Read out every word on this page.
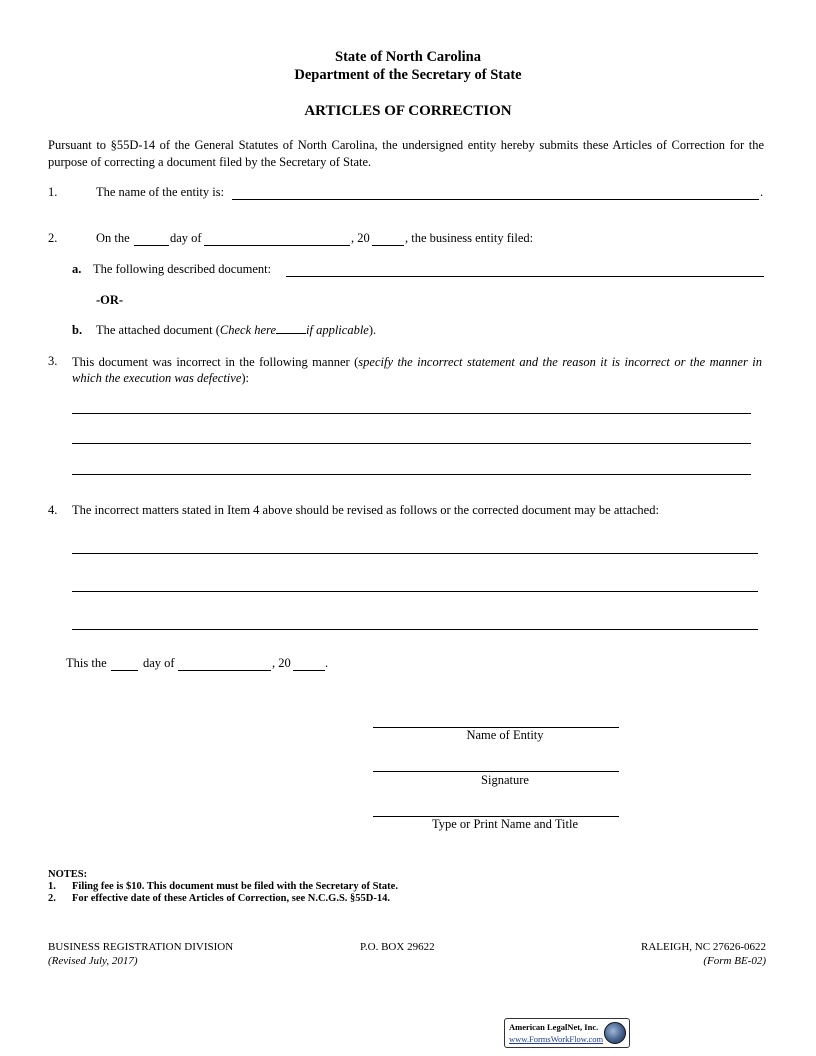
State of North Carolina
Department of the Secretary of State
ARTICLES OF CORRECTION
Pursuant to §55D-14 of the General Statutes of North Carolina, the undersigned entity hereby submits these Articles of Correction for the purpose of correcting a document filed by the Secretary of State.
1.	The name of the entity is:	.
2.	On the	day of	, 20	, the business entity filed:
a. The following described document:
-OR-
b. The attached document (Check here if applicable).
3. This document was incorrect in the following manner (specify the incorrect statement and the reason it is incorrect or the manner in which the execution was defective):
4. The incorrect matters stated in Item 4 above should be revised as follows or the corrected document may be attached:
This the	day of	, 20	.
Name of Entity
Signature
Type or Print Name and Title
NOTES:
1. Filing fee is $10. This document must be filed with the Secretary of State.
2. For effective date of these Articles of Correction, see N.C.G.S. §55D-14.
BUSINESS REGISTRATION DIVISION
(Revised July, 2017)
P.O. BOX 29622	RALEIGH, NC 27626-0622
(Form BE-02)
American LegalNet, Inc.
www.FormsWorkFlow.com
